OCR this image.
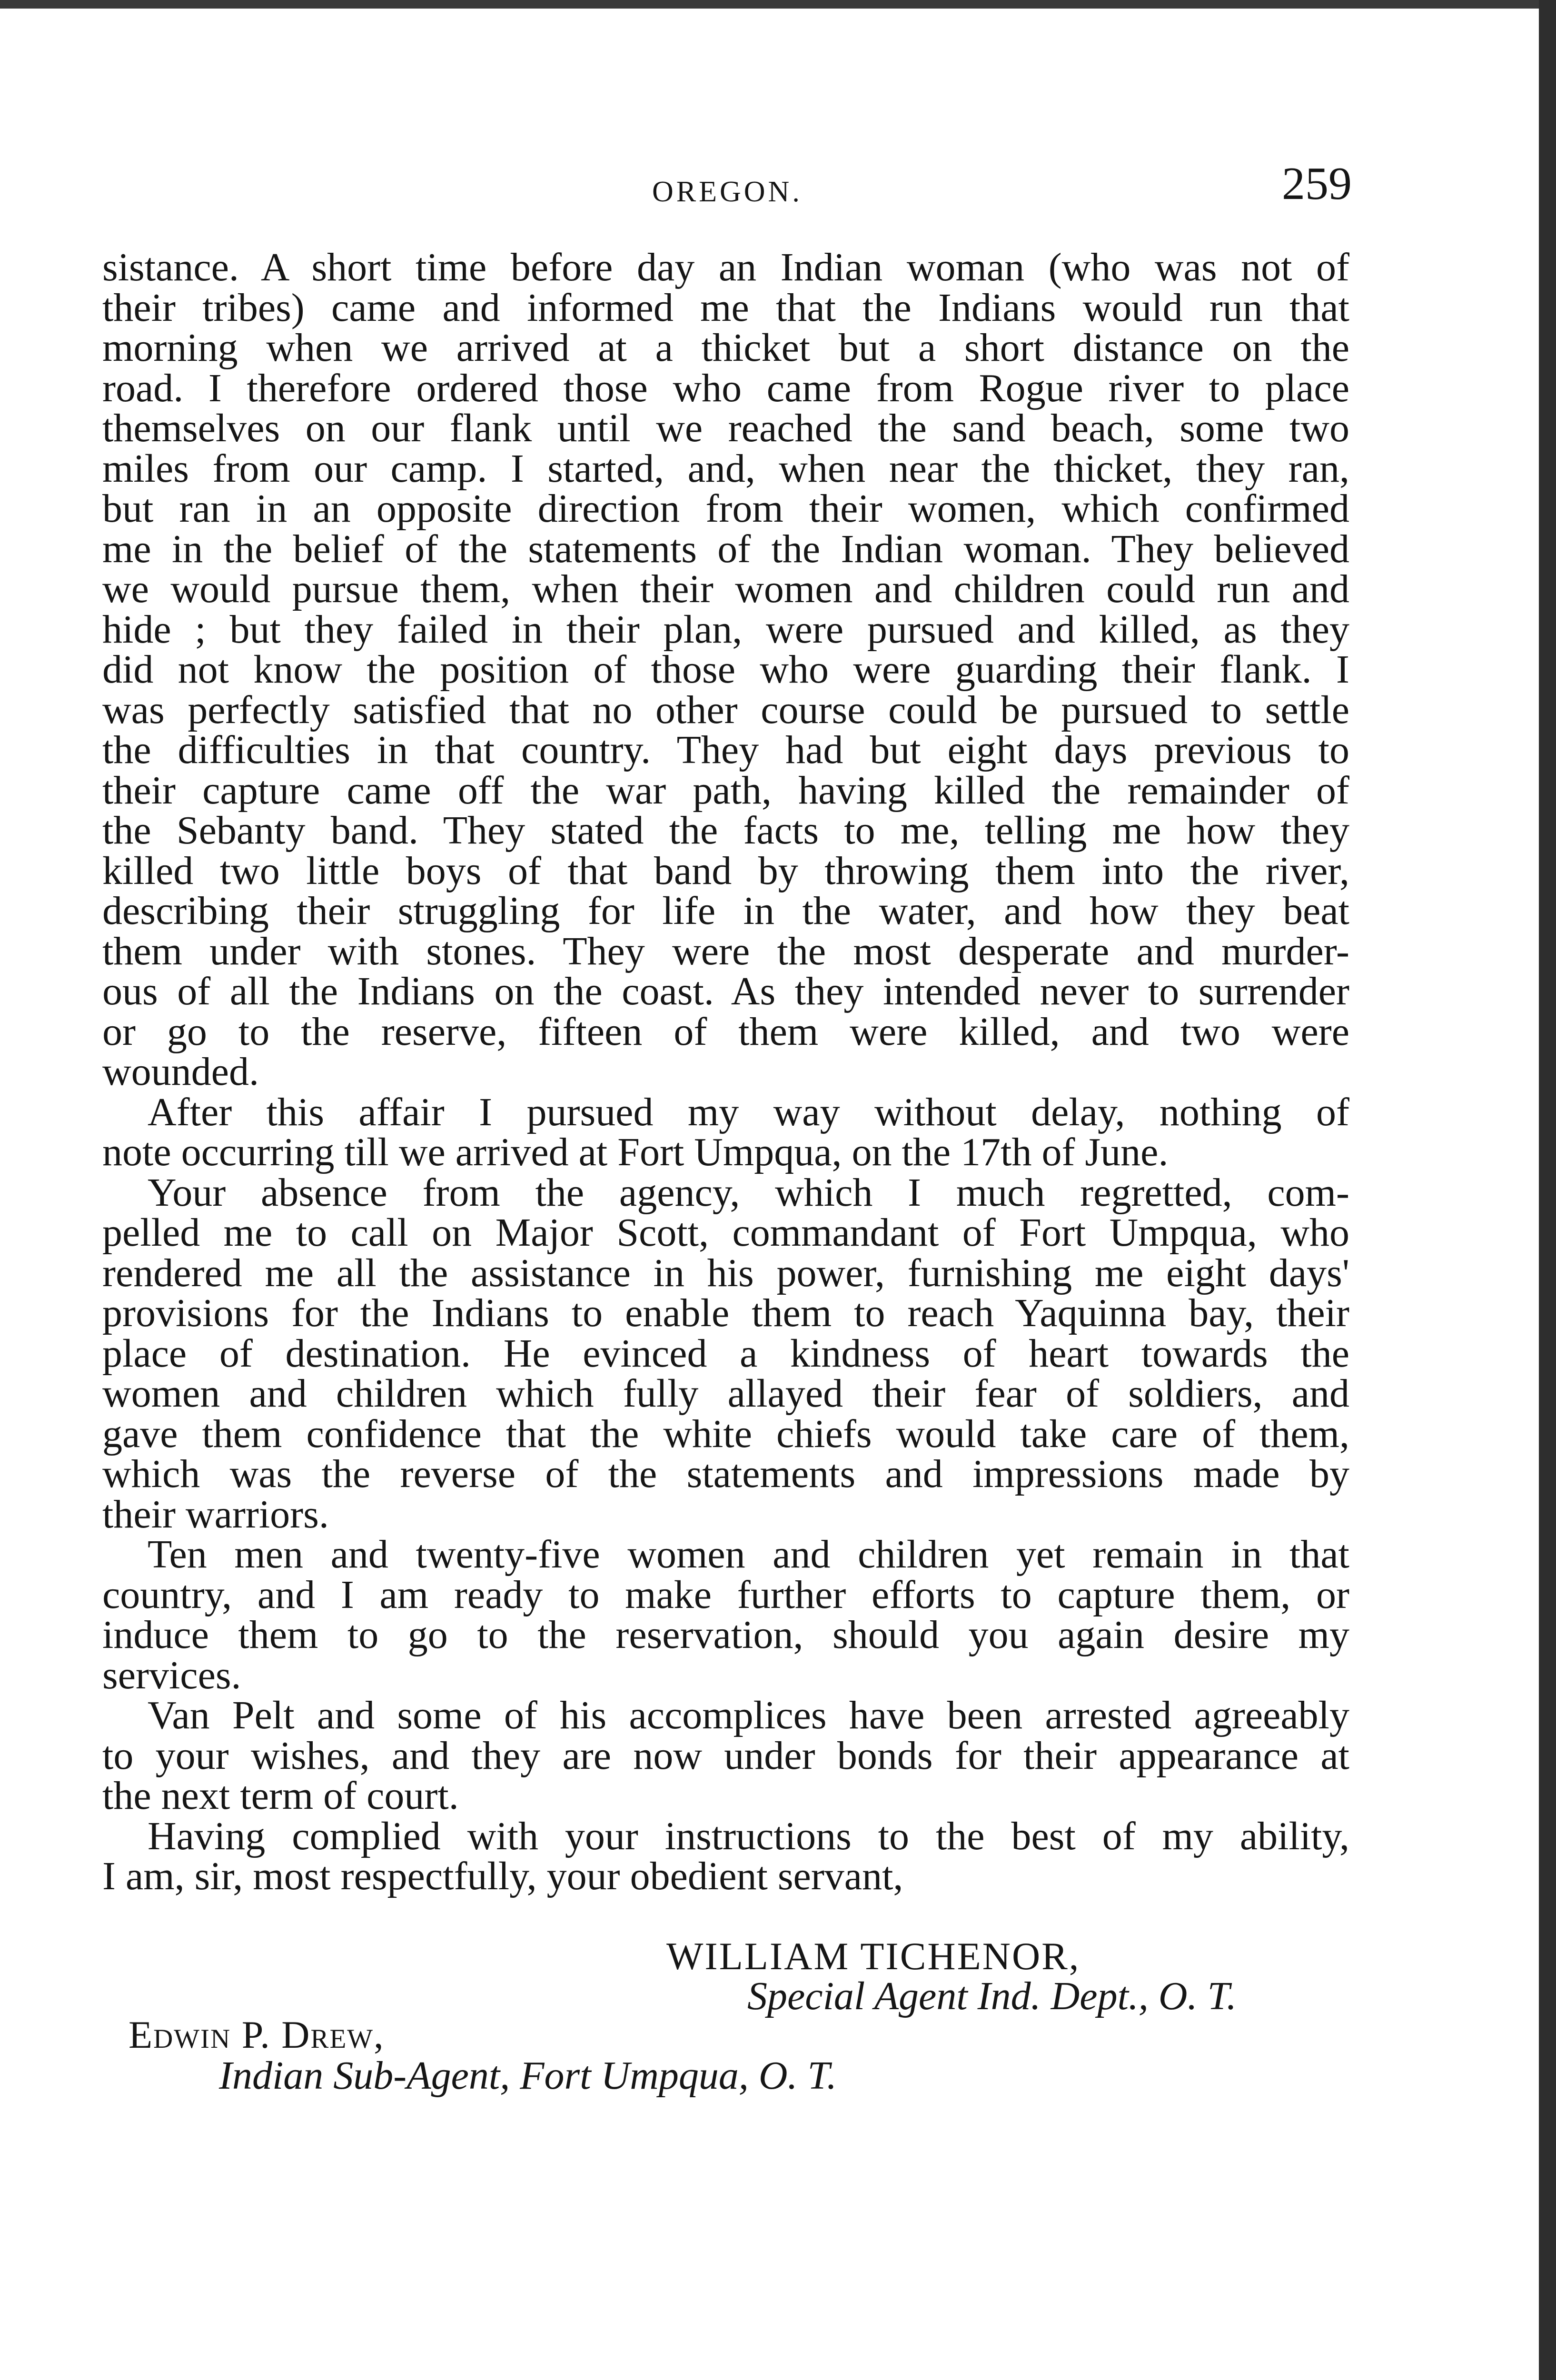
OREGON.	259
sistance. A short time before day an Indian woman (who was not of
their tribes) came and informed me that the Indians would run that
morning when we arrived at a thicket but a short distance on the
road. I therefore ordered those who came from Rogue river to place
themselves on our flank until we reached the sand beach, some two
miles from our camp. I started, and, when near the thicket, they ran,
but ran in an opposite direction from their women, which confirmed
me in the belief of the statements of the Indian woman. They believed
we would pursue them, when their women and children could run and
hide ; but they failed in their plan, were pursued and killed, as they
did not know the position of those who were guarding their flank. I
was perfectly satisfied that no other course could be pursued to settle
the difficulties in that country. They had but eight days previous to
their capture came off the war path, having killed the remainder of
the Sebanty band. They stated the facts to me, telling me how they
killed two little boys of that band by throwing them into the river,
describing their struggling for life in the water, and how they beat
them under with stones. They were the most desperate and murder-
ous of all the Indians on the coast. As they intended never to surrender
or go to the reserve, fifteen of them were killed, and two were
wounded.
After this affair I pursued my way without delay, nothing of
note occurring till we arrived at Fort Umpqua, on the 17th of June.
Your absence from the agency, which I much regretted, com-
pelled me to call on Major Scott, commandant of Fort Umpqua, who
rendered me all the assistance in his power, furnishing me eight days'
provisions for the Indians to enable them to reach Yaquinna bay, their
place of destination. He evinced a kindness of heart towards the
women and children which fully allayed their fear of soldiers, and
gave them confidence that the white chiefs would take care of them,
which was the reverse of the statements and impressions made by
their warriors.
Ten men and twenty-five women and children yet remain in that
country, and I am ready to make further efforts to capture them, or
induce them to go to the reservation, should you again desire my
services.
Van Pelt and some of his accomplices have been arrested agreeably
to your wishes, and they are now under bonds for their appearance at
the next term of court.
Having complied with your instructions to the best of my ability,
I am, sir, most respectfully, your obedient servant,
WILLIAM TICHENOR,
Special Agent Ind. Dept., O. T.
Edwin P. Drew,
Indian Sub-Agent, Fort Umpqua, O. T.
